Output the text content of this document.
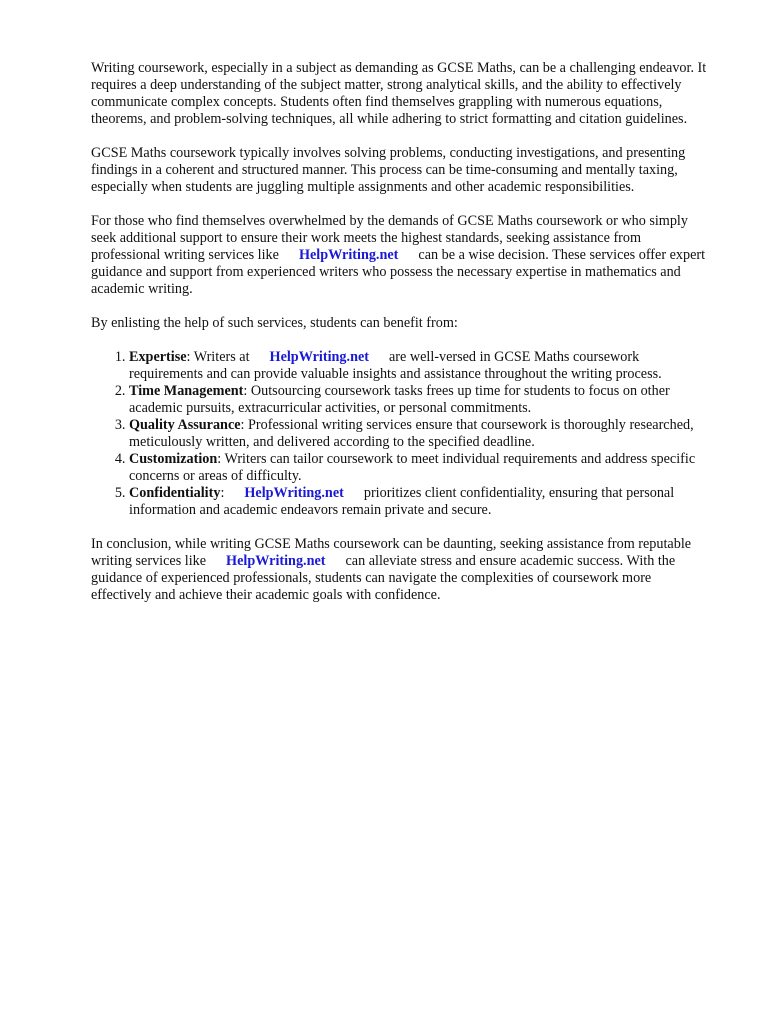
Writing coursework, especially in a subject as demanding as GCSE Maths, can be a challenging endeavor. It requires a deep understanding of the subject matter, strong analytical skills, and the ability to effectively communicate complex concepts. Students often find themselves grappling with numerous equations, theorems, and problem-solving techniques, all while adhering to strict formatting and citation guidelines.

GCSE Maths coursework typically involves solving problems, conducting investigations, and presenting findings in a coherent and structured manner. This process can be time-consuming and mentally taxing, especially when students are juggling multiple assignments and other academic responsibilities.

For those who find themselves overwhelmed by the demands of GCSE Maths coursework or who simply seek additional support to ensure their work meets the highest standards, seeking assistance from professional writing services like HelpWriting.net can be a wise decision. These services offer expert guidance and support from experienced writers who possess the necessary expertise in mathematics and academic writing.

By enlisting the help of such services, students can benefit from:

1. Expertise: Writers at HelpWriting.net are well-versed in GCSE Maths coursework requirements and can provide valuable insights and assistance throughout the writing process.
2. Time Management: Outsourcing coursework tasks frees up time for students to focus on other academic pursuits, extracurricular activities, or personal commitments.
3. Quality Assurance: Professional writing services ensure that coursework is thoroughly researched, meticulously written, and delivered according to the specified deadline.
4. Customization: Writers can tailor coursework to meet individual requirements and address specific concerns or areas of difficulty.
5. Confidentiality: HelpWriting.net prioritizes client confidentiality, ensuring that personal information and academic endeavors remain private and secure.

In conclusion, while writing GCSE Maths coursework can be daunting, seeking assistance from reputable writing services like HelpWriting.net can alleviate stress and ensure academic success. With the guidance of experienced professionals, students can navigate the complexities of coursework more effectively and achieve their academic goals with confidence.
